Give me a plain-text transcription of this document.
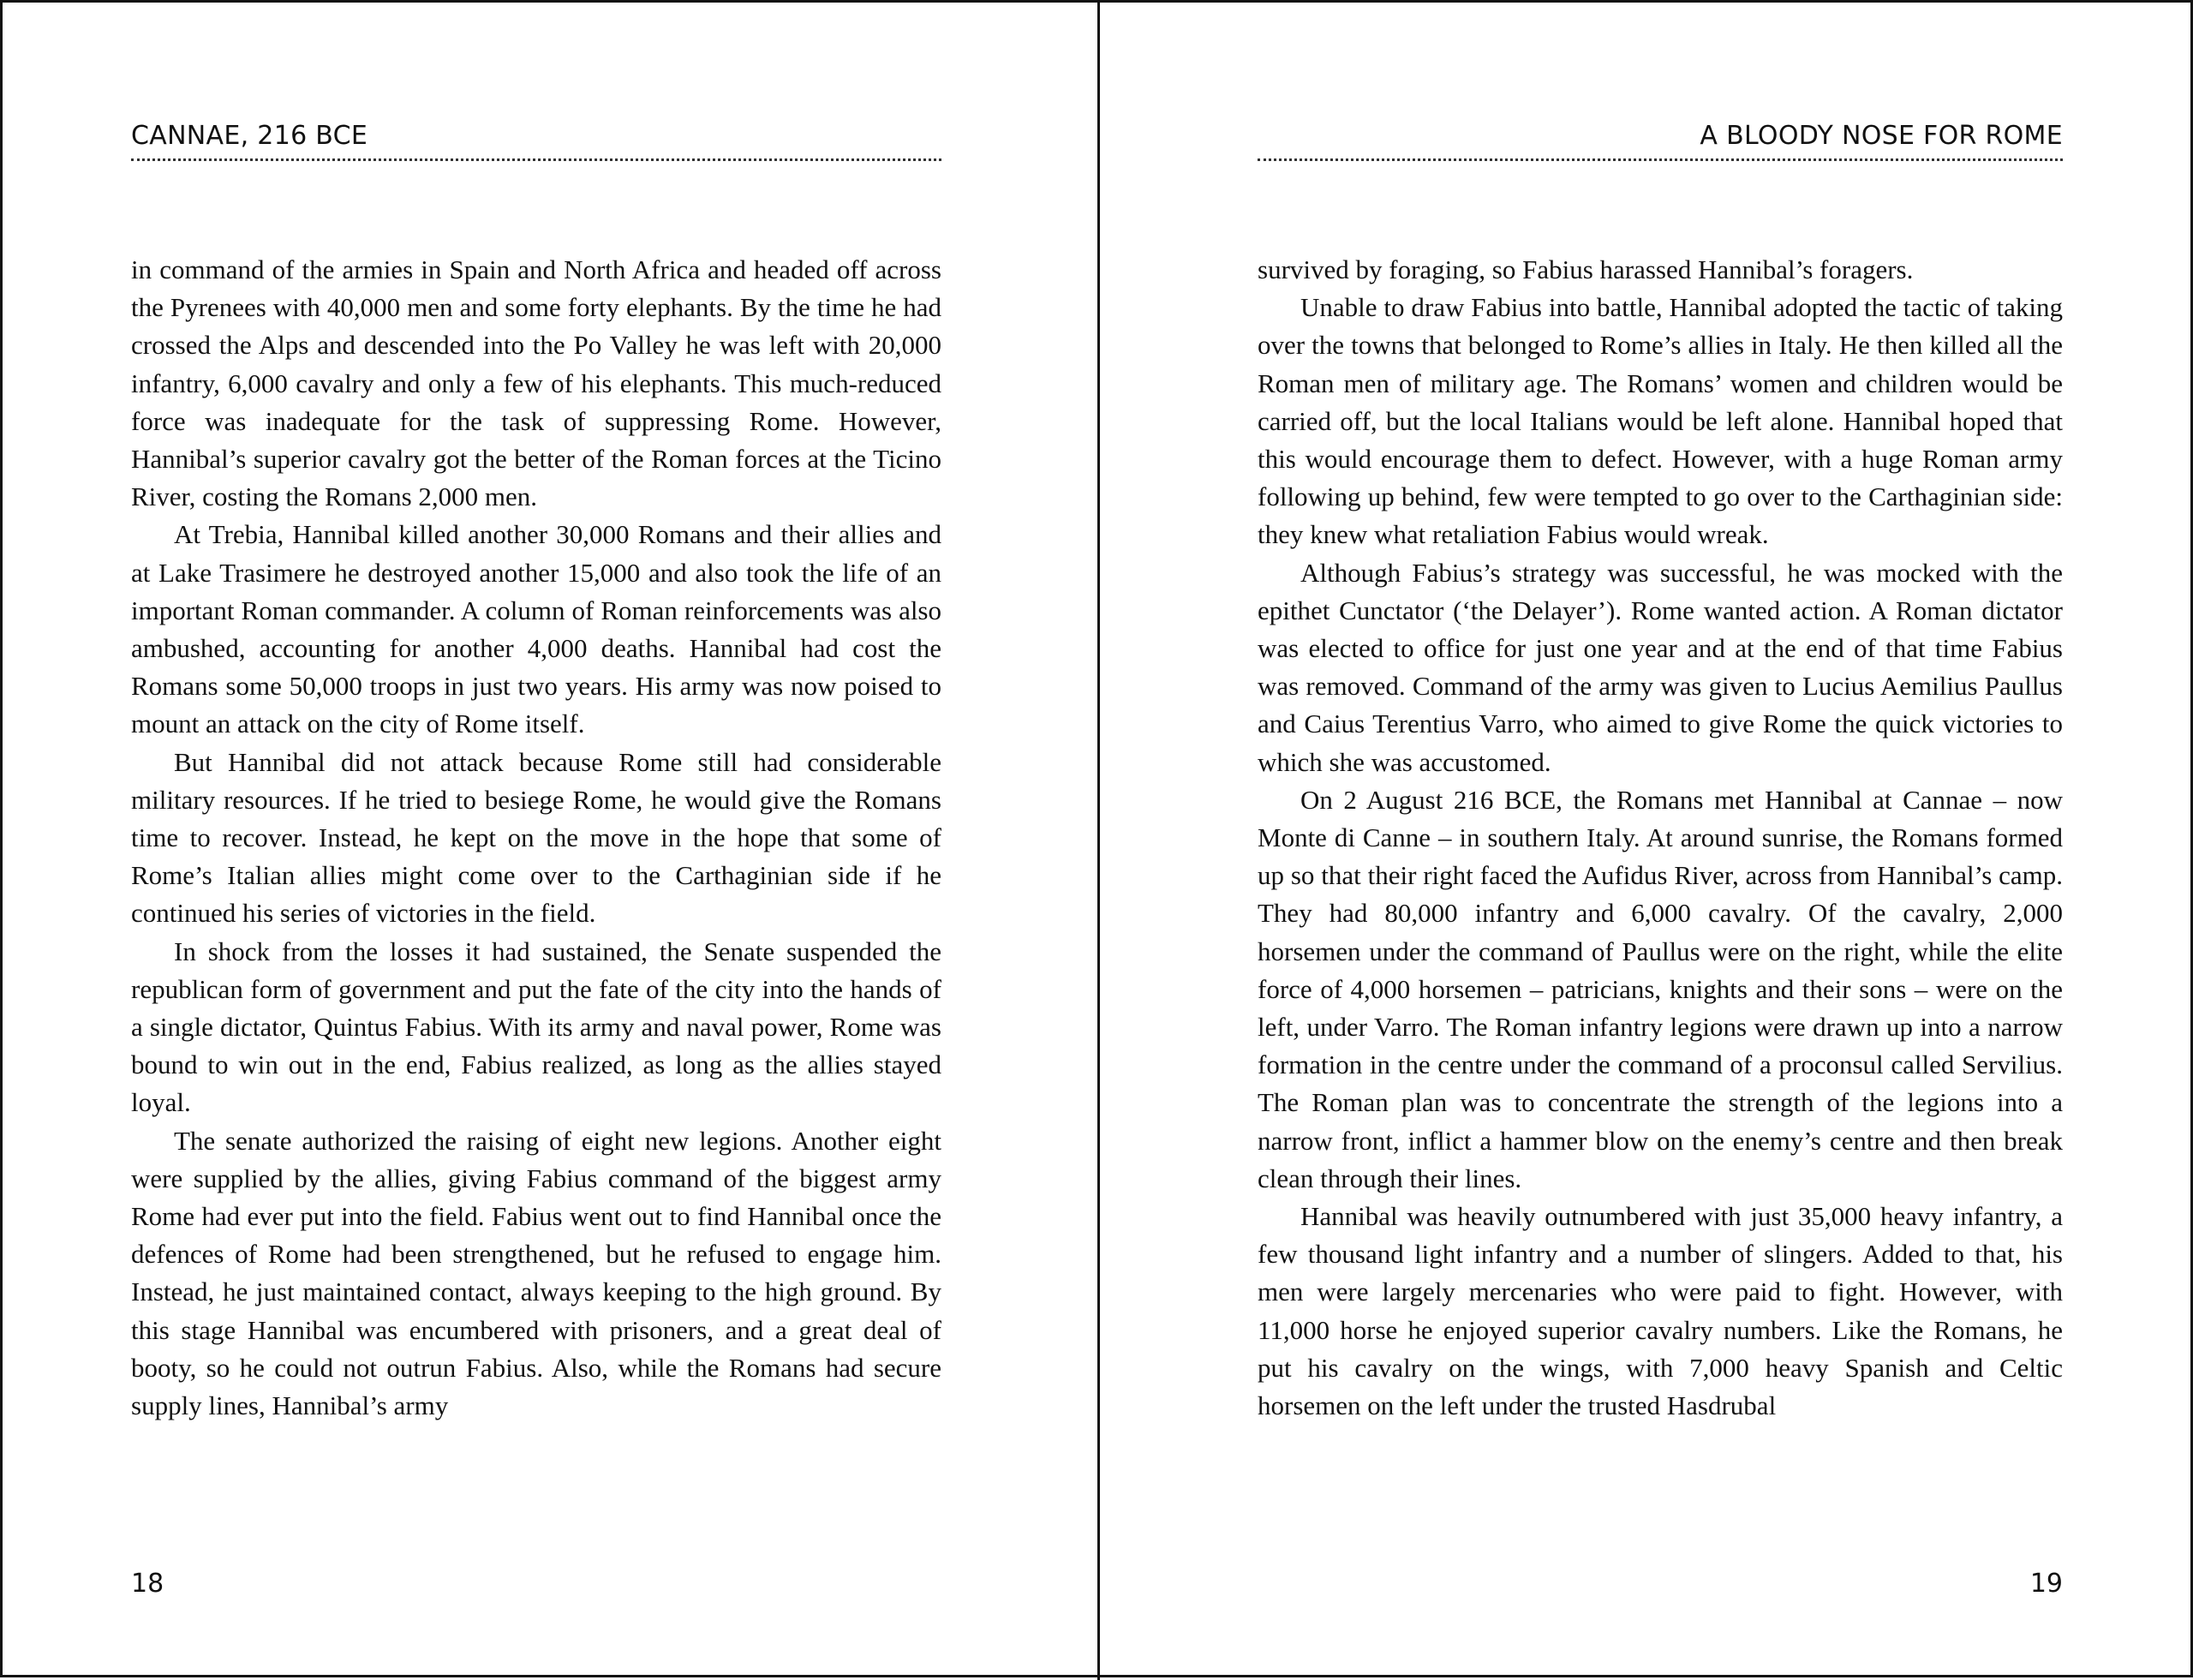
CANNAE, 216 BCE

in command of the armies in Spain and North Africa and headed off across the Pyrenees with 40,000 men and some forty elephants. By the time he had crossed the Alps and descended into the Po Valley he was left with 20,000 infantry, 6,000 cavalry and only a few of his elephants. This much-reduced force was inadequate for the task of suppressing Rome. However, Hannibal’s superior cavalry got the better of the Roman forces at the Ticino River, costing the Romans 2,000 men.

At Trebia, Hannibal killed another 30,000 Romans and their allies and at Lake Trasimere he destroyed another 15,000 and also took the life of an important Roman commander. A column of Roman reinforcements was also ambushed, accounting for another 4,000 deaths. Hannibal had cost the Romans some 50,000 troops in just two years. His army was now poised to mount an attack on the city of Rome itself.

But Hannibal did not attack because Rome still had considerable military resources. If he tried to besiege Rome, he would give the Romans time to recover. Instead, he kept on the move in the hope that some of Rome’s Italian allies might come over to the Carthaginian side if he continued his series of victories in the field.

In shock from the losses it had sustained, the Senate suspended the republican form of government and put the fate of the city into the hands of a single dictator, Quintus Fabius. With its army and naval power, Rome was bound to win out in the end, Fabius realized, as long as the allies stayed loyal.

The senate authorized the raising of eight new legions. Another eight were supplied by the allies, giving Fabius command of the biggest army Rome had ever put into the field. Fabius went out to find Hannibal once the defences of Rome had been strengthened, but he refused to engage him. Instead, he just maintained contact, always keeping to the high ground. By this stage Hannibal was encumbered with prisoners, and a great deal of booty, so he could not outrun Fabius. Also, while the Romans had secure supply lines, Hannibal’s army

18
A BLOODY NOSE FOR ROME

survived by foraging, so Fabius harassed Hannibal’s foragers.

Unable to draw Fabius into battle, Hannibal adopted the tactic of taking over the towns that belonged to Rome’s allies in Italy. He then killed all the Roman men of military age. The Romans’ women and children would be carried off, but the local Italians would be left alone. Hannibal hoped that this would encourage them to defect. However, with a huge Roman army following up behind, few were tempted to go over to the Carthaginian side: they knew what retaliation Fabius would wreak.

Although Fabius’s strategy was successful, he was mocked with the epithet Cunctator (‘the Delayer’). Rome wanted action. A Roman dictator was elected to office for just one year and at the end of that time Fabius was removed. Command of the army was given to Lucius Aemilius Paullus and Caius Terentius Varro, who aimed to give Rome the quick victories to which she was accustomed.

On 2 August 216 BCE, the Romans met Hannibal at Cannae – now Monte di Canne – in southern Italy. At around sunrise, the Romans formed up so that their right faced the Aufidus River, across from Hannibal’s camp. They had 80,000 infantry and 6,000 cavalry. Of the cavalry, 2,000 horsemen under the command of Paullus were on the right, while the elite force of 4,000 horsemen – patricians, knights and their sons – were on the left, under Varro. The Roman infantry legions were drawn up into a narrow formation in the centre under the command of a proconsul called Servilius. The Roman plan was to concentrate the strength of the legions into a narrow front, inflict a hammer blow on the enemy’s centre and then break clean through their lines.

Hannibal was heavily outnumbered with just 35,000 heavy infantry, a few thousand light infantry and a number of slingers. Added to that, his men were largely mercenaries who were paid to fight. However, with 11,000 horse he enjoyed superior cavalry numbers. Like the Romans, he put his cavalry on the wings, with 7,000 heavy Spanish and Celtic horsemen on the left under the trusted Hasdrubal

19
